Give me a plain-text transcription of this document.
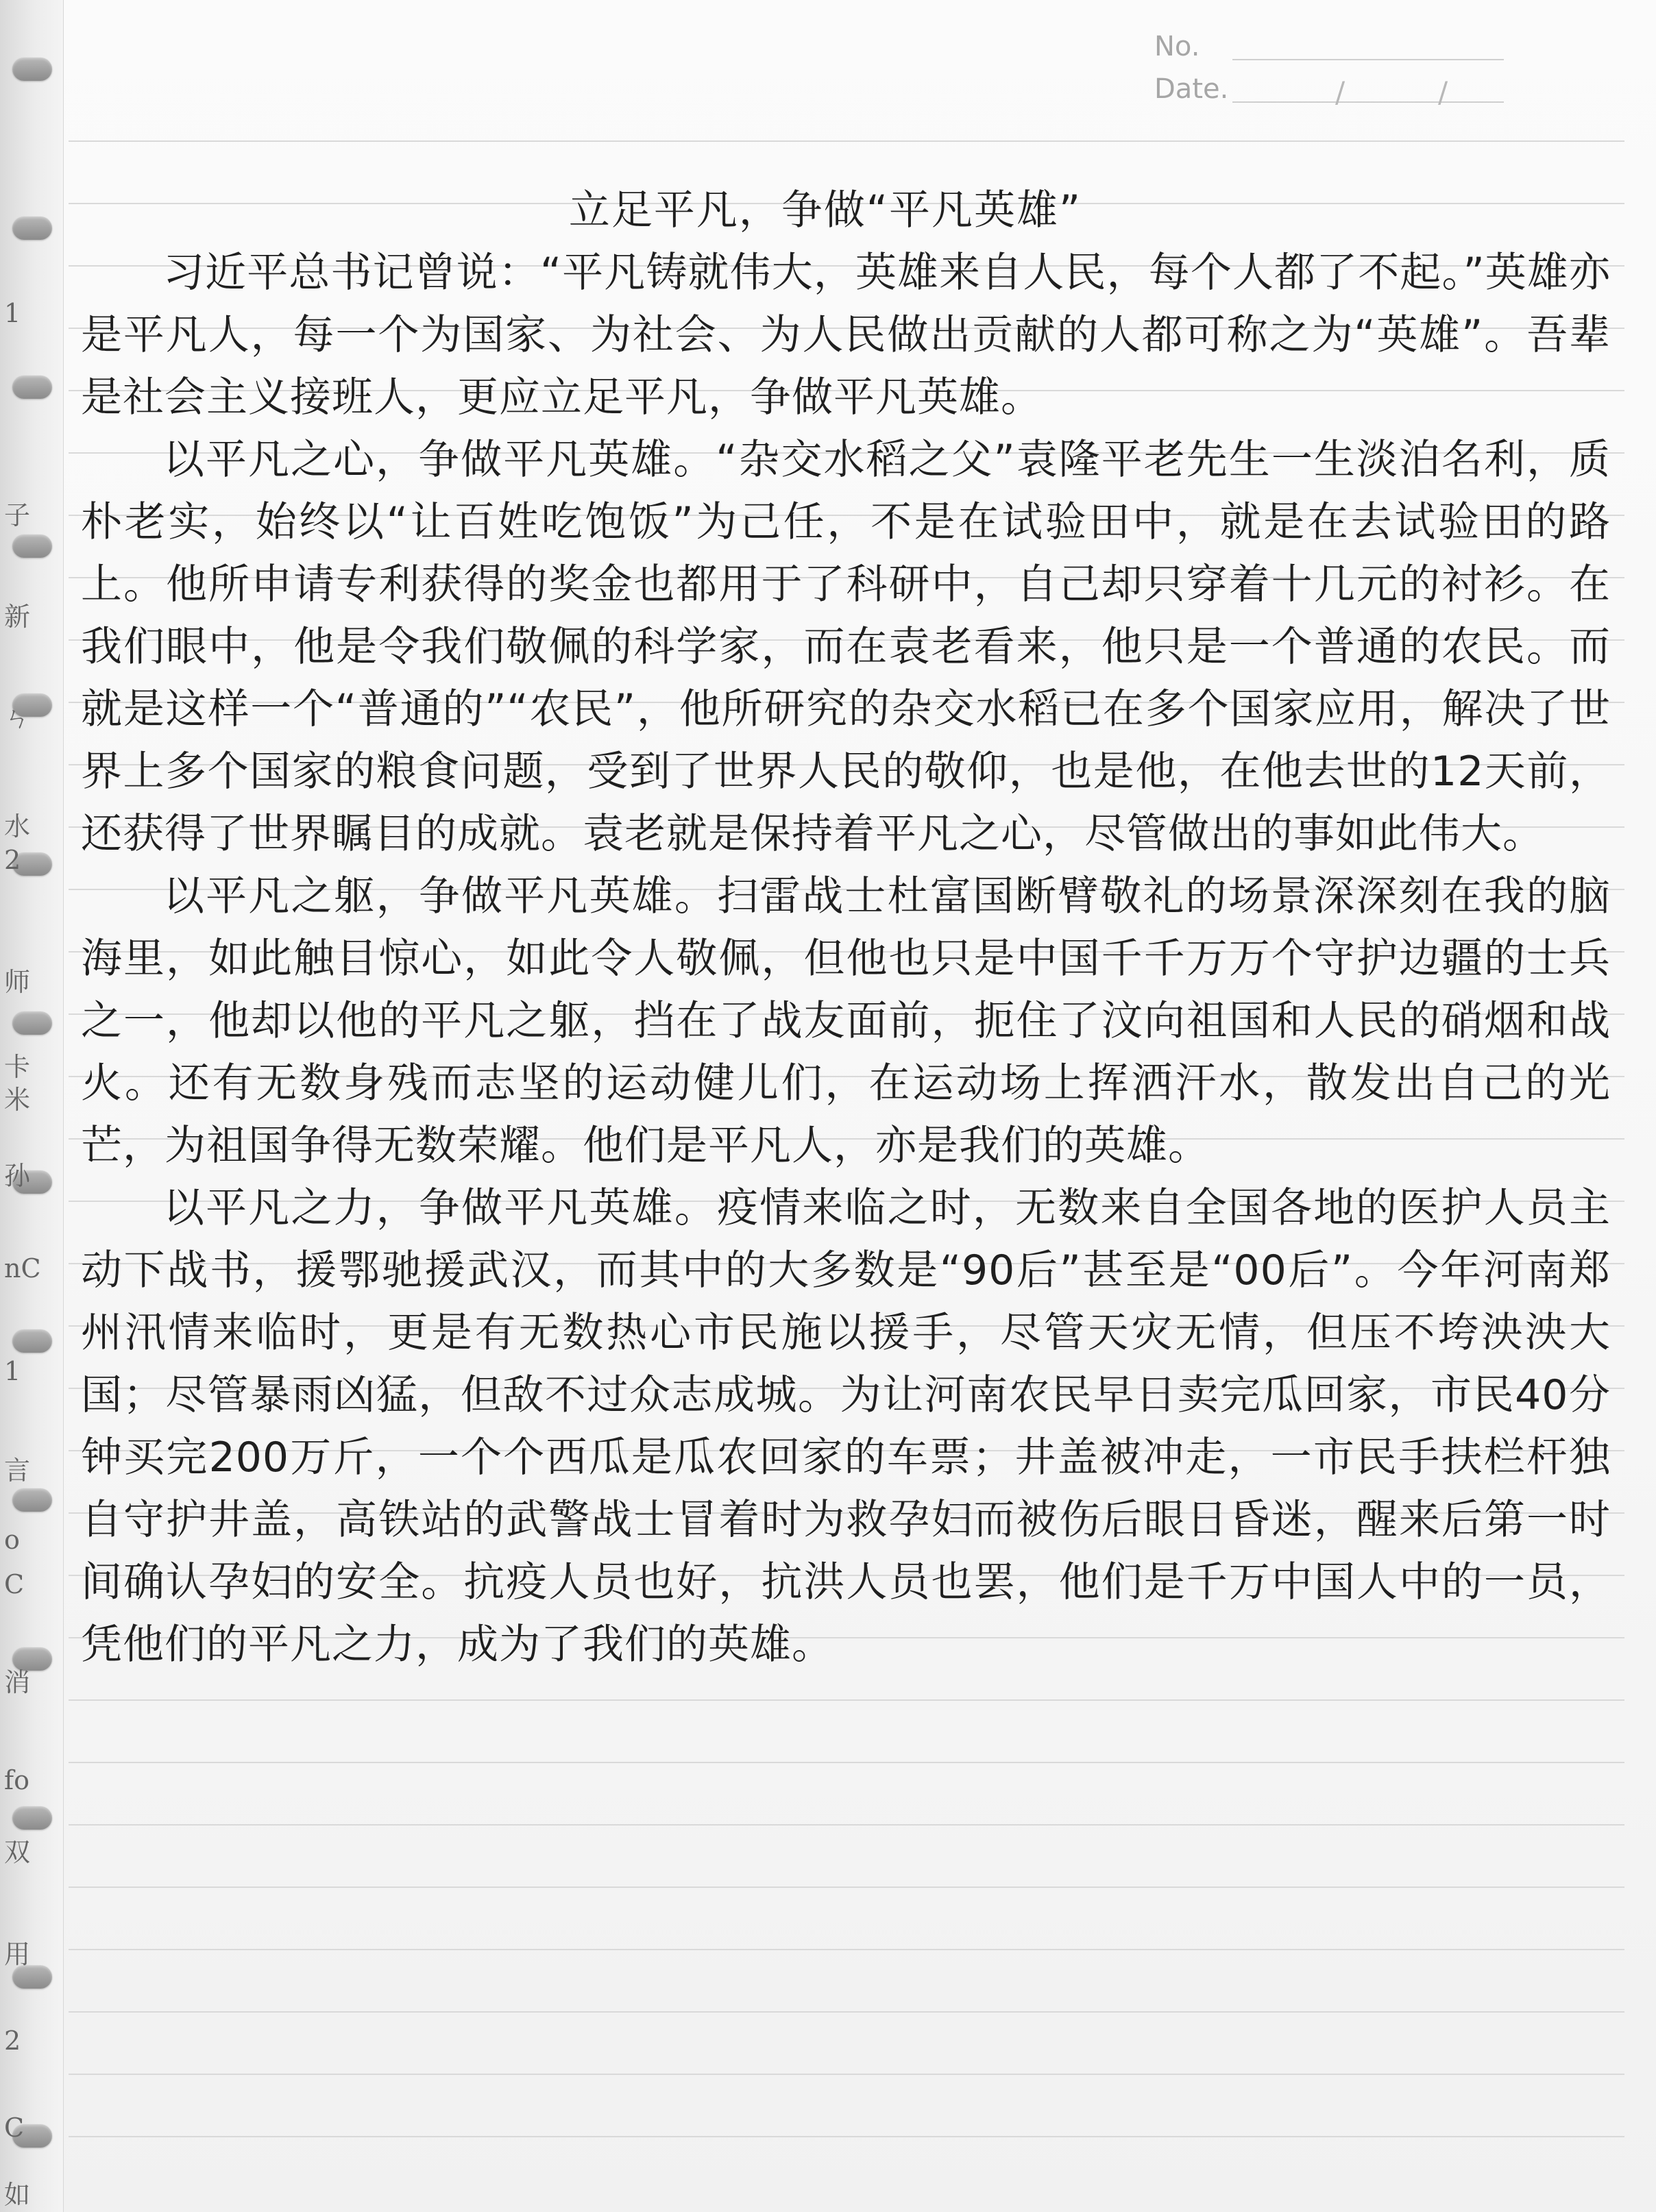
1
子
新
ㄣ
水
2
师
卡
米
孙
nC
1
言
o
C
消
fo
双
用
2
C
如
No.
Date.	/	/
立足平凡，争做“平凡英雄”

习近平总书记曾说：“平凡铸就伟大，英雄来自人民，每个人都了不起。”英雄亦是平凡人，每一个为国家、为社会、为人民做出贡献的人都可称之为“英雄”。吾辈是社会主义接班人，更应立足平凡，争做平凡英雄。

以平凡之心，争做平凡英雄。“杂交水稻之父”袁隆平老先生一生淡泊名利，质朴老实，始终以“让百姓吃饱饭”为己任，不是在试验田中，就是在去试验田的路上。他所申请专利获得的奖金也都用于了科研中，自己却只穿着十几元的衬衫。在我们眼中，他是令我们敬佩的科学家，而在袁老看来，他只是一个普通的农民。而就是这样一个“普通的”“农民”，他所研究的杂交水稻已在多个国家应用，解决了世界上多个国家的粮食问题，受到了世界人民的敬仰，也是他，在他去世的12天前，还获得了世界瞩目的成就。袁老就是保持着平凡之心，尽管做出的事如此伟大。

以平凡之躯，争做平凡英雄。扫雷战士杜富国断臂敬礼的场景深深刻在我的脑海里，如此触目惊心，如此令人敬佩，但他也只是中国千千万万个守护边疆的士兵之一，他却以他的平凡之躯，挡在了战友面前，扼住了汶向祖国和人民的硝烟和战火。还有无数身残而志坚的运动健儿们，在运动场上挥洒汗水，散发出自己的光芒，为祖国争得无数荣耀。他们是平凡人，亦是我们的英雄。

以平凡之力，争做平凡英雄。疫情来临之时，无数来自全国各地的医护人员主动下战书，援鄂驰援武汉，而其中的大多数是“90后”甚至是“00后”。今年河南郑州汛情来临时，更是有无数热心市民施以援手，尽管天灾无情，但压不垮泱泱大国；尽管暴雨凶猛，但敌不过众志成城。为让河南农民早日卖完瓜回家，市民40分钟买完200万斤，一个个西瓜是瓜农回家的车票；井盖被冲走，一市民手扶栏杆独自守护井盖，高铁站的武警战士冒着时为救孕妇而被伤后眼日昏迷，醒来后第一时间确认孕妇的安全。抗疫人员也好，抗洪人员也罢，他们是千万中国人中的一员，凭他们的平凡之力，成为了我们的英雄。
